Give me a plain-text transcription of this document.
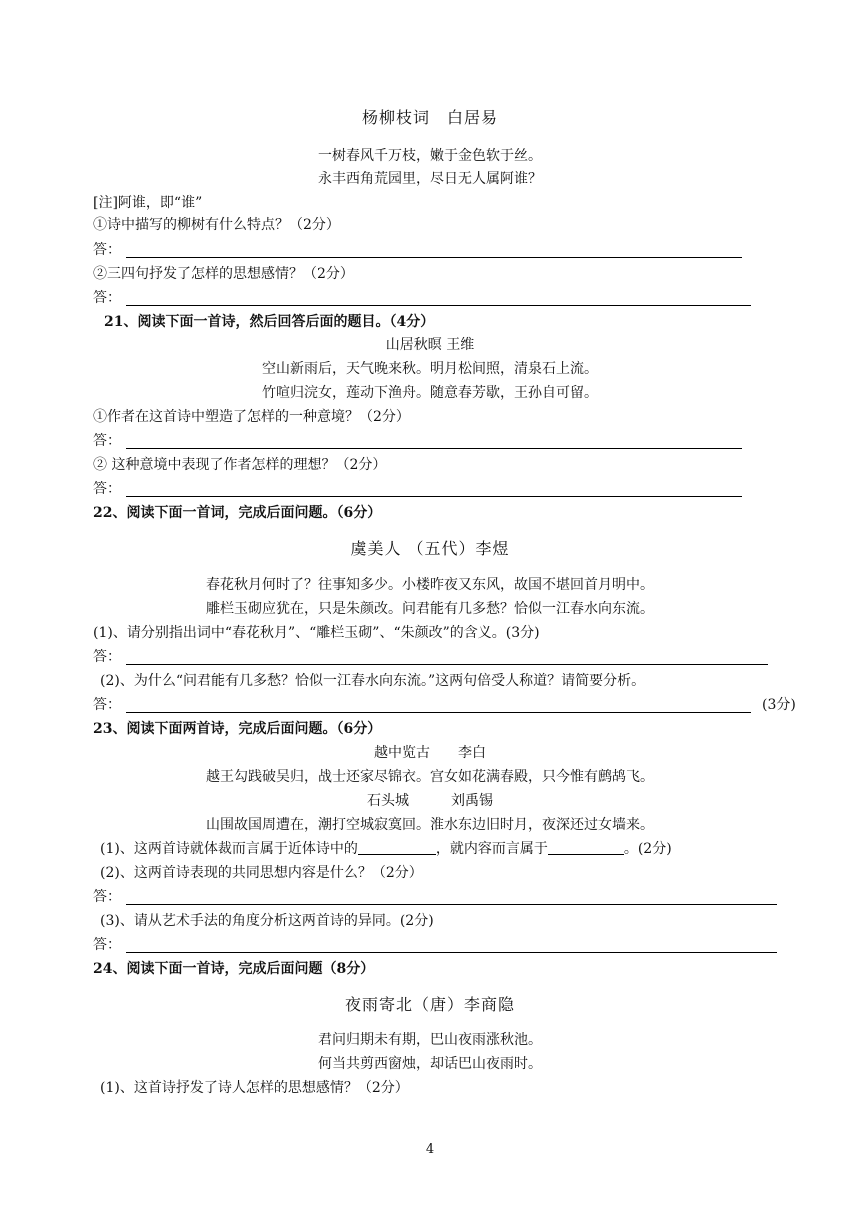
杨柳枝词　白居易
一树春风千万枝，嫩于金色软于丝。
永丰西角荒园里，尽日无人属阿谁？
[注]阿谁，即“谁”
①诗中描写的柳树有什么特点？（2分）
答：
②三四句抒发了怎样的思想感情？（2分）
答：
21、阅读下面一首诗，然后回答后面的题目。（4分）
山居秋暝 王维
空山新雨后，天气晚来秋。明月松间照，清泉石上流。
竹喧归浣女，莲动下渔舟。随意春芳歇，王孙自可留。
①作者在这首诗中塑造了怎样的一种意境？（2分）
答：
② 这种意境中表现了作者怎样的理想？（2分）
答：
22、阅读下面一首词，完成后面问题。（6分）
虞美人 （五代）李煜
春花秋月何时了？往事知多少。小楼昨夜又东风，故国不堪回首月明中。
雕栏玉砌应犹在，只是朱颜改。问君能有几多愁？恰似一江春水向东流。
(1)、请分别指出词中“春花秋月”、“雕栏玉砌”、“朱颜改”的含义。(3分)
答：
(2)、为什么“问君能有几多愁？恰似一江春水向东流。”这两句倍受人称道？请简要分析。
答：	(3分)
23、阅读下面两首诗，完成后面问题。（6分）
越中览古　　李白
越王勾践破吴归，战士还家尽锦衣。宫女如花满春殿，只今惟有鹧鸪飞。
石头城　　　刘禹锡
山围故国周遭在，潮打空城寂寞回。淮水东边旧时月，夜深还过女墙来。
(1)、这两首诗就体裁而言属于近体诗中的	，就内容而言属于	。(2分)
(2)、这两首诗表现的共同思想内容是什么？（2分）
答：
(3)、请从艺术手法的角度分析这两首诗的异同。(2分)
答：
24、阅读下面一首诗，完成后面问题（8分）
夜雨寄北（唐）李商隐
君问归期未有期，巴山夜雨涨秋池。
何当共剪西窗烛，却话巴山夜雨时。
(1)、这首诗抒发了诗人怎样的思想感情？（2分）
4
